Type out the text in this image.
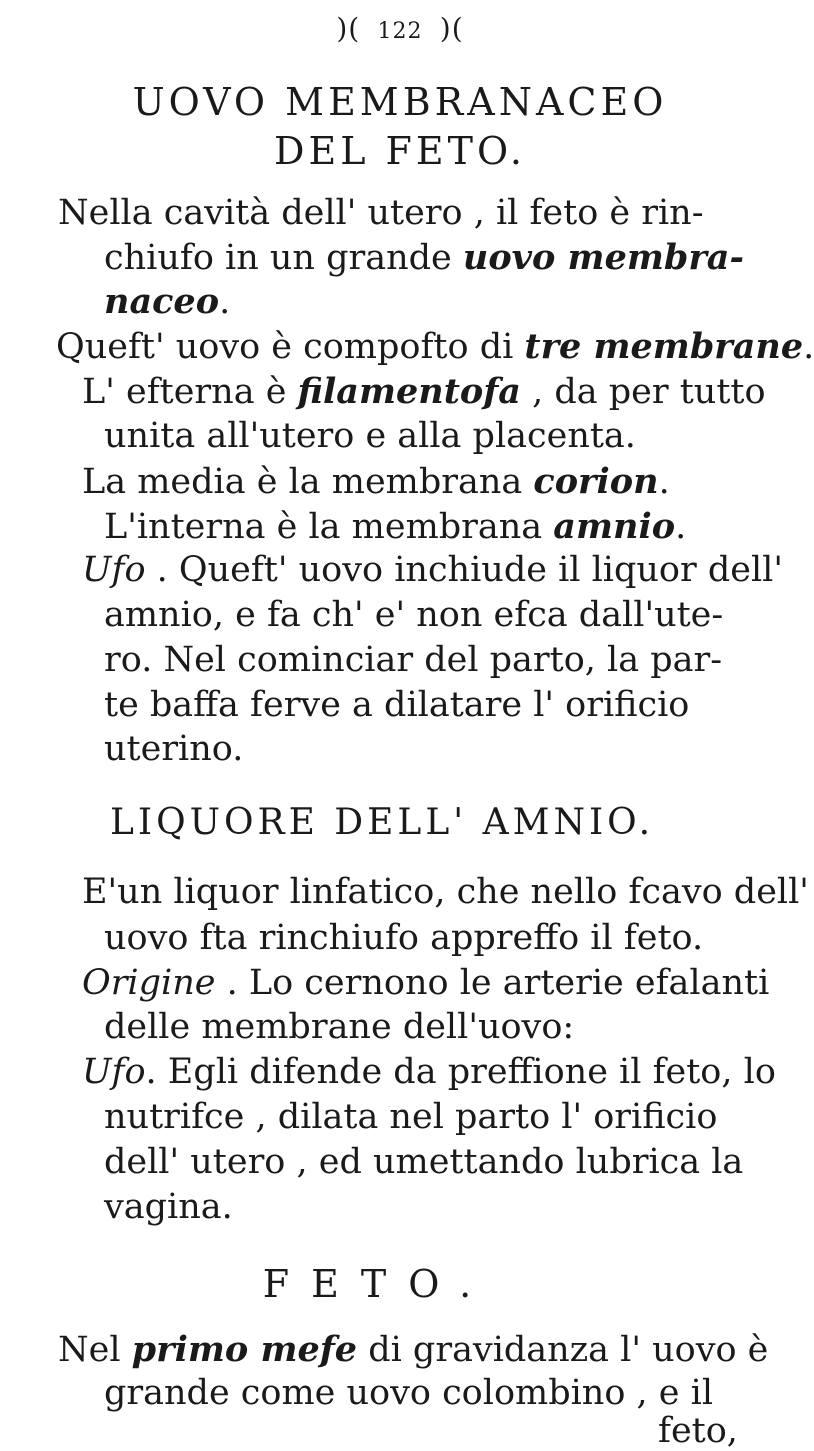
)( 122 )(
UOVO MEMBRANACEO
DEL FETO.
Nella cavità dell' utero , il feto è rin-
chiufo in un grande uovo membra-
naceo.
Queft' uovo è compofto di tre membrane.
L' efterna è filamentofa , da per tutto
unita all'utero e alla placenta.
La media è la membrana corion.
L'interna è la membrana amnio.
Ufo . Queft' uovo inchiude il liquor dell'
amnio, e fa ch' e' non efca dall'ute-
ro. Nel cominciar del parto, la par-
te baffa ferve a dilatare l' orificio
uterino.
LIQUORE DELL' AMNIO.
E'un liquor linfatico, che nello fcavo dell'
uovo fta rinchiufo appreffo il feto.
Origine . Lo cernono le arterie efalanti
delle membrane dell'uovo:
Ufo. Egli difende da preffione il feto, lo
nutrifce , dilata nel parto l' orificio
dell' utero , ed umettando lubrica la
vagina.
FETO.
Nel primo mefe di gravidanza l' uovo è
grande come uovo colombino , e il
feto,
